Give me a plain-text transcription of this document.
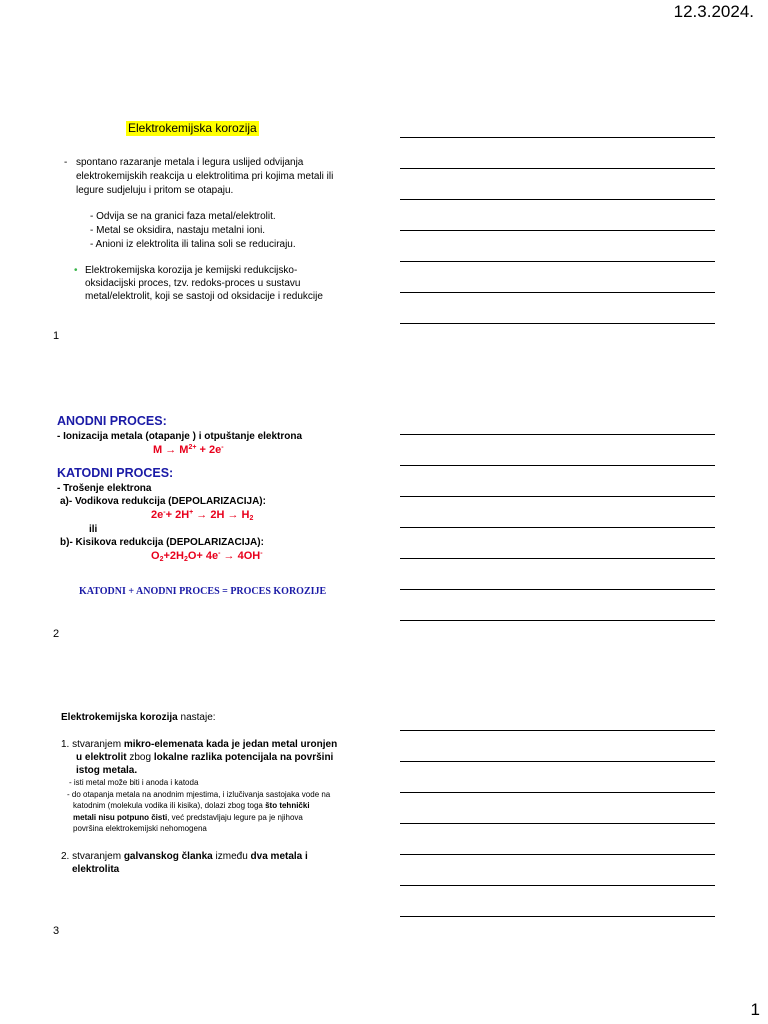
12.3.2024.
1
Elektrokemijska korozija
- spontano razaranje metala i legura uslijed odvijanja
elektrokemijskih reakcija u elektrolitima pri kojima metali ili
legure sudjeluju i pritom se otapaju.
- Odvija se na granici faza metal/elektrolit.
- Metal se oksidira, nastaju metalni ioni.
- Anioni iz elektrolita ili talina soli se reduciraju.
• Elektrokemijska korozija je kemijski redukcijsko-
oksidacijski proces, tzv. redoks-proces u sustavu
metal/elektrolit, koji se sastoji od oksidacije i redukcije
1
ANODNI PROCES:
- Ionizacija metala (otapanje ) i otpuštanje elektrona
$M \to M^{2+} + 2e^-$
KATODNI PROCES:
- Trošenje elektrona
a)- Vodikova redukcija (DEPOLARIZACIJA):
$2e^-+ 2H^+ \to 2H \to H_2$
ili
b)- Kisikova redukcija (DEPOLARIZACIJA):
$O_2+2H_2O+ 4e^- \to 4OH^-$
KATODNI + ANODNI PROCES = PROCES KOROZIJE
2
Elektrokemijska korozija nastaje:
1. stvaranjem mikro-elemenata kada je jedan metal uronjen
u elektrolit zbog lokalne razlika potencijala na površini
istog metala.
- isti metal može biti i anoda i katoda
- do otapanja metala na anodnim mjestima, i izlučivanja sastojaka vode na
katodnim (molekula vodika ili kisika), dolazi zbog toga što tehnički
metali nisu potpuno čisti, već predstavljaju legure pa je njihova
površina elektrokemijski nehomogena
2. stvaranjem galvanskog članka između dva metala i
elektrolita
3
